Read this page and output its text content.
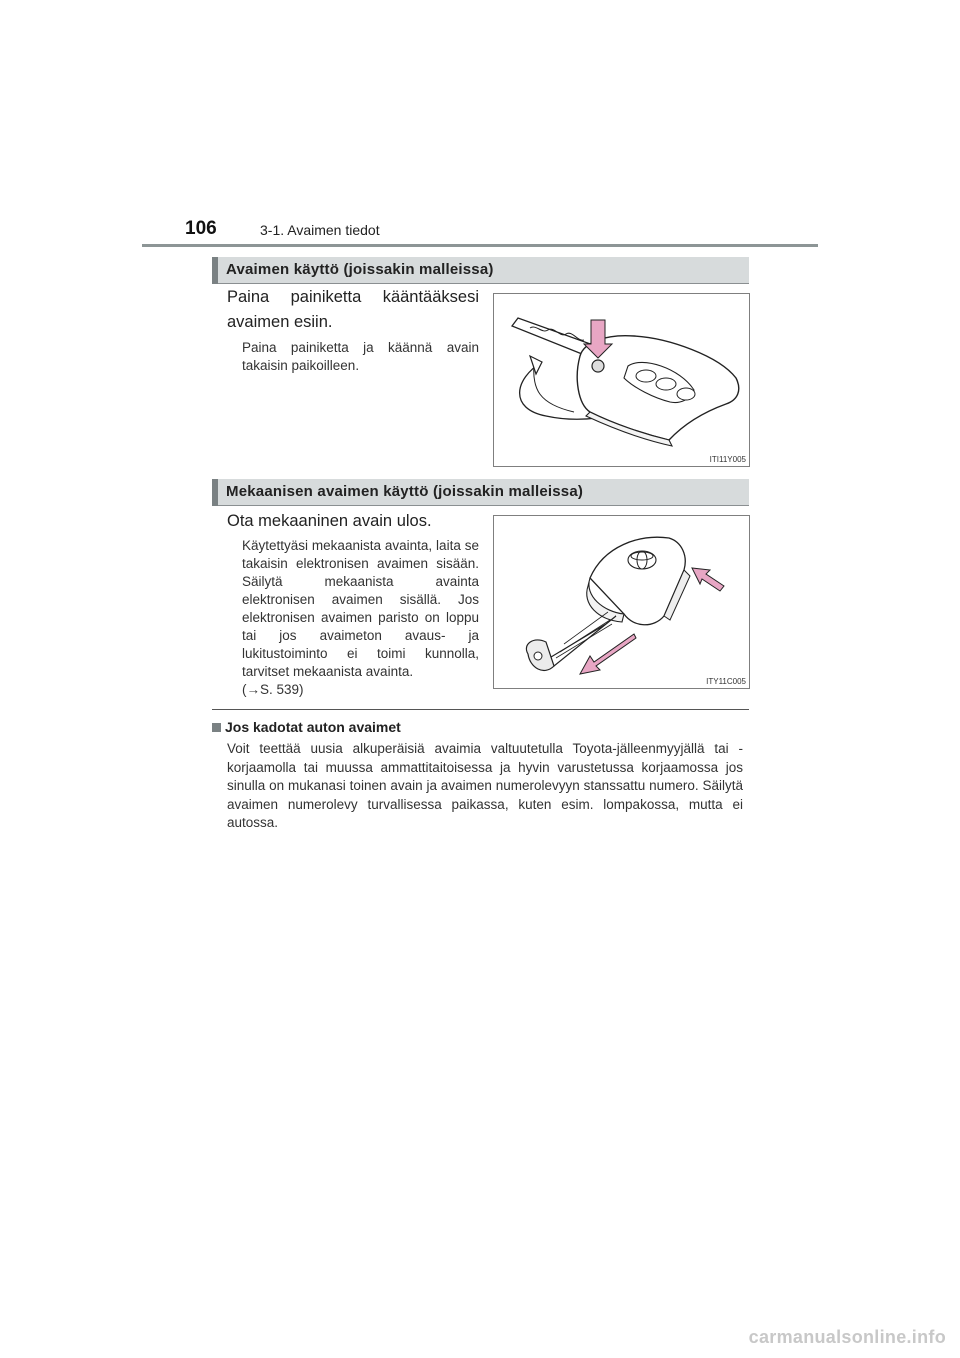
106	3-1. Avaimen tiedot
Avaimen käyttö (joissakin malleissa)
Paina painiketta kääntääksesi avaimen esiin.
Paina painiketta ja käännä avain takaisin paikoilleen.
ITI11Y005
Mekaanisen avaimen käyttö (joissakin malleissa)
Ota mekaaninen avain ulos.
Käytettyäsi mekaanista avainta, laita se takaisin elektronisen avaimen sisään. Säilytä mekaanista avainta elektronisen avaimen sisällä. Jos elektronisen avaimen paristo on loppu tai jos avaimeton avaus- ja lukitustoiminto ei toimi kunnolla, tarvitset mekaanista avainta.
(→S. 539)
ITY11C005
Jos kadotat auton avaimet
Voit teettää uusia alkuperäisiä avaimia valtuutetulla Toyota-jälleenmyyjällä tai -korjaamolla tai muussa ammattitaitoisessa ja hyvin varustetussa korjaamossa jos sinulla on mukanasi toinen avain ja avaimen numerolevyyn stanssattu numero. Säilytä avaimen numerolevy turvallisessa paikassa, kuten esim. lompakossa, mutta ei autossa.
carmanualsonline.info
